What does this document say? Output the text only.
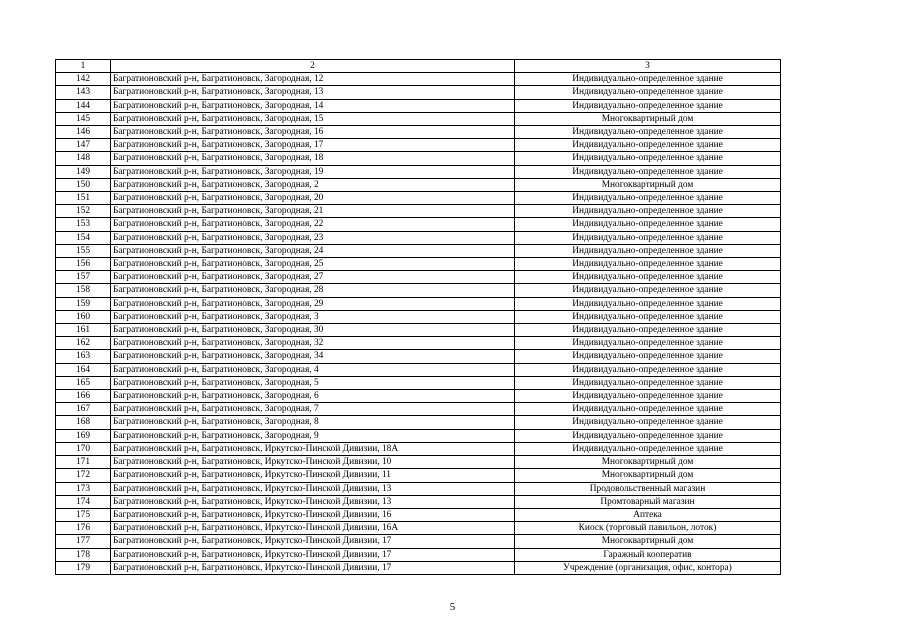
1	2	3
142	Багратионовский р-н, Багратионовск, Загородная, 12	Индивидуально-определенное здание
143	Багратионовский р-н, Багратионовск, Загородная, 13	Индивидуально-определенное здание
144	Багратионовский р-н, Багратионовск, Загородная, 14	Индивидуально-определенное здание
145	Багратионовский р-н, Багратионовск, Загородная, 15	Многоквартирный дом
146	Багратионовский р-н, Багратионовск, Загородная, 16	Индивидуально-определенное здание
147	Багратионовский р-н, Багратионовск, Загородная, 17	Индивидуально-определенное здание
148	Багратионовский р-н, Багратионовск, Загородная, 18	Индивидуально-определенное здание
149	Багратионовский р-н, Багратионовск, Загородная, 19	Индивидуально-определенное здание
150	Багратионовский р-н, Багратионовск, Загородная, 2	Многоквартирный дом
151	Багратионовский р-н, Багратионовск, Загородная, 20	Индивидуально-определенное здание
152	Багратионовский р-н, Багратионовск, Загородная, 21	Индивидуально-определенное здание
153	Багратионовский р-н, Багратионовск, Загородная, 22	Индивидуально-определенное здание
154	Багратионовский р-н, Багратионовск, Загородная, 23	Индивидуально-определенное здание
155	Багратионовский р-н, Багратионовск, Загородная, 24	Индивидуально-определенное здание
156	Багратионовский р-н, Багратионовск, Загородная, 25	Индивидуально-определенное здание
157	Багратионовский р-н, Багратионовск, Загородная, 27	Индивидуально-определенное здание
158	Багратионовский р-н, Багратионовск, Загородная, 28	Индивидуально-определенное здание
159	Багратионовский р-н, Багратионовск, Загородная, 29	Индивидуально-определенное здание
160	Багратионовский р-н, Багратионовск, Загородная, 3	Индивидуально-определенное здание
161	Багратионовский р-н, Багратионовск, Загородная, 30	Индивидуально-определенное здание
162	Багратионовский р-н, Багратионовск, Загородная, 32	Индивидуально-определенное здание
163	Багратионовский р-н, Багратионовск, Загородная, 34	Индивидуально-определенное здание
164	Багратионовский р-н, Багратионовск, Загородная, 4	Индивидуально-определенное здание
165	Багратионовский р-н, Багратионовск, Загородная, 5	Индивидуально-определенное здание
166	Багратионовский р-н, Багратионовск, Загородная, 6	Индивидуально-определенное здание
167	Багратионовский р-н, Багратионовск, Загородная, 7	Индивидуально-определенное здание
168	Багратионовский р-н, Багратионовск, Загородная, 8	Индивидуально-определенное здание
169	Багратионовский р-н, Багратионовск, Загородная, 9	Индивидуально-определенное здание
170	Багратионовский р-н, Багратионовск, Иркутско-Пинской Дивизии, 18А	Индивидуально-определенное здание
171	Багратионовский р-н, Багратионовск, Иркутско-Пинской Дивизии, 10	Многоквартирный дом
172	Багратионовский р-н, Багратионовск, Иркутско-Пинской Дивизии, 11	Многоквартирный дом
173	Багратионовский р-н, Багратионовск, Иркутско-Пинской Дивизии, 13	Продовольственный магазин
174	Багратионовский р-н, Багратионовск, Иркутско-Пинской Дивизии, 13	Промтоварный магазин
175	Багратионовский р-н, Багратионовск, Иркутско-Пинской Дивизии, 16	Аптека
176	Багратионовский р-н, Багратионовск, Иркутско-Пинской Дивизии, 16А	Киоск (торговый павильон, лоток)
177	Багратионовский р-н, Багратионовск, Иркутско-Пинской Дивизии, 17	Многоквартирный дом
178	Багратионовский р-н, Багратионовск, Иркутско-Пинской Дивизии, 17	Гаражный кооператив
179	Багратионовский р-н, Багратионовск, Иркутско-Пинской Дивизии, 17	Учреждение (организация, офис, контора)
5
